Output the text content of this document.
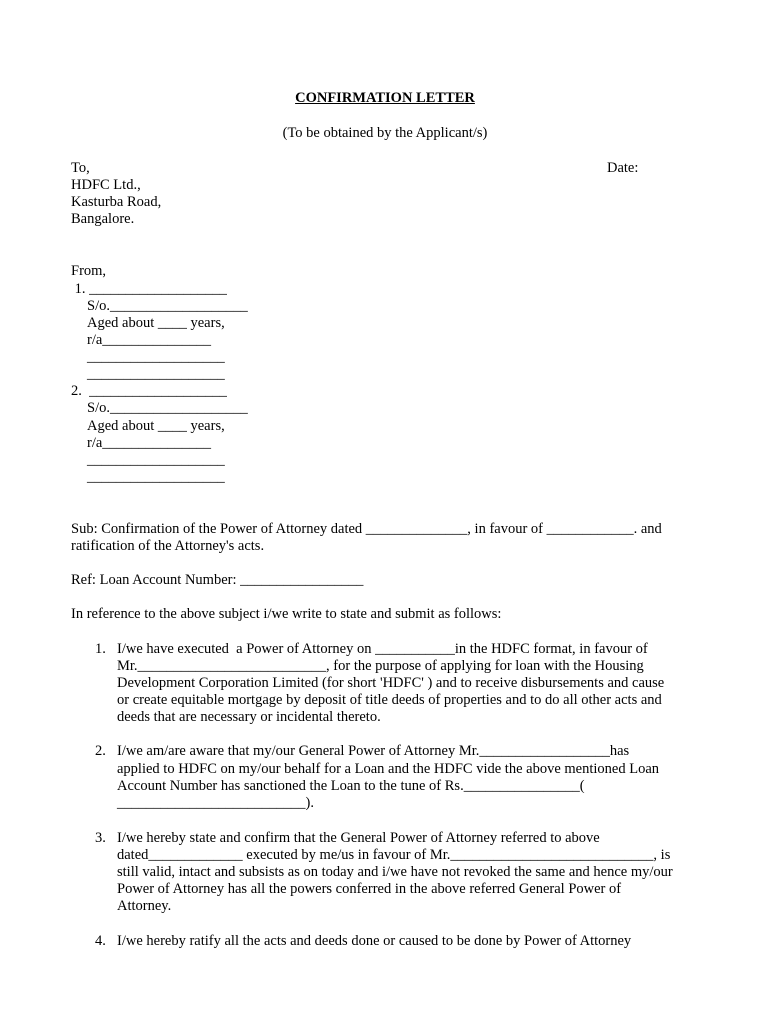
CONFIRMATION LETTER
(To be obtained by the Applicant/s)
To,
HDFC Ltd.,
Kasturba Road,
Bangalore.
Date:
From,
1. ___________________
S/o.___________________
Aged about ____ years,
r/a_______________
___________________
___________________
2.  ___________________
S/o.___________________
Aged about ____ years,
r/a_______________
___________________
___________________
Sub: Confirmation of the Power of Attorney dated ______________, in favour of ____________. and
ratification of the Attorney's acts.
Ref: Loan Account Number: _________________
In reference to the above subject i/we write to state and submit as follows:
1. I/we have executed  a Power of Attorney on ___________in the HDFC format, in favour of
Mr.__________________________, for the purpose of applying for loan with the Housing
Development Corporation Limited (for short 'HDFC' ) and to receive disbursements and cause
or create equitable mortgage by deposit of title deeds of properties and to do all other acts and
deeds that are necessary or incidental thereto.
2. I/we am/are aware that my/our General Power of Attorney Mr.__________________has
applied to HDFC on my/our behalf for a Loan and the HDFC vide the above mentioned Loan
Account Number has sanctioned the Loan to the tune of Rs.________________(
__________________________).
3. I/we hereby state and confirm that the General Power of Attorney referred to above
dated_____________ executed by me/us in favour of Mr.____________________________, is
still valid, intact and subsists as on today and i/we have not revoked the same and hence my/our
Power of Attorney has all the powers conferred in the above referred General Power of
Attorney.
4. I/we hereby ratify all the acts and deeds done or caused to be done by Power of Attorney
